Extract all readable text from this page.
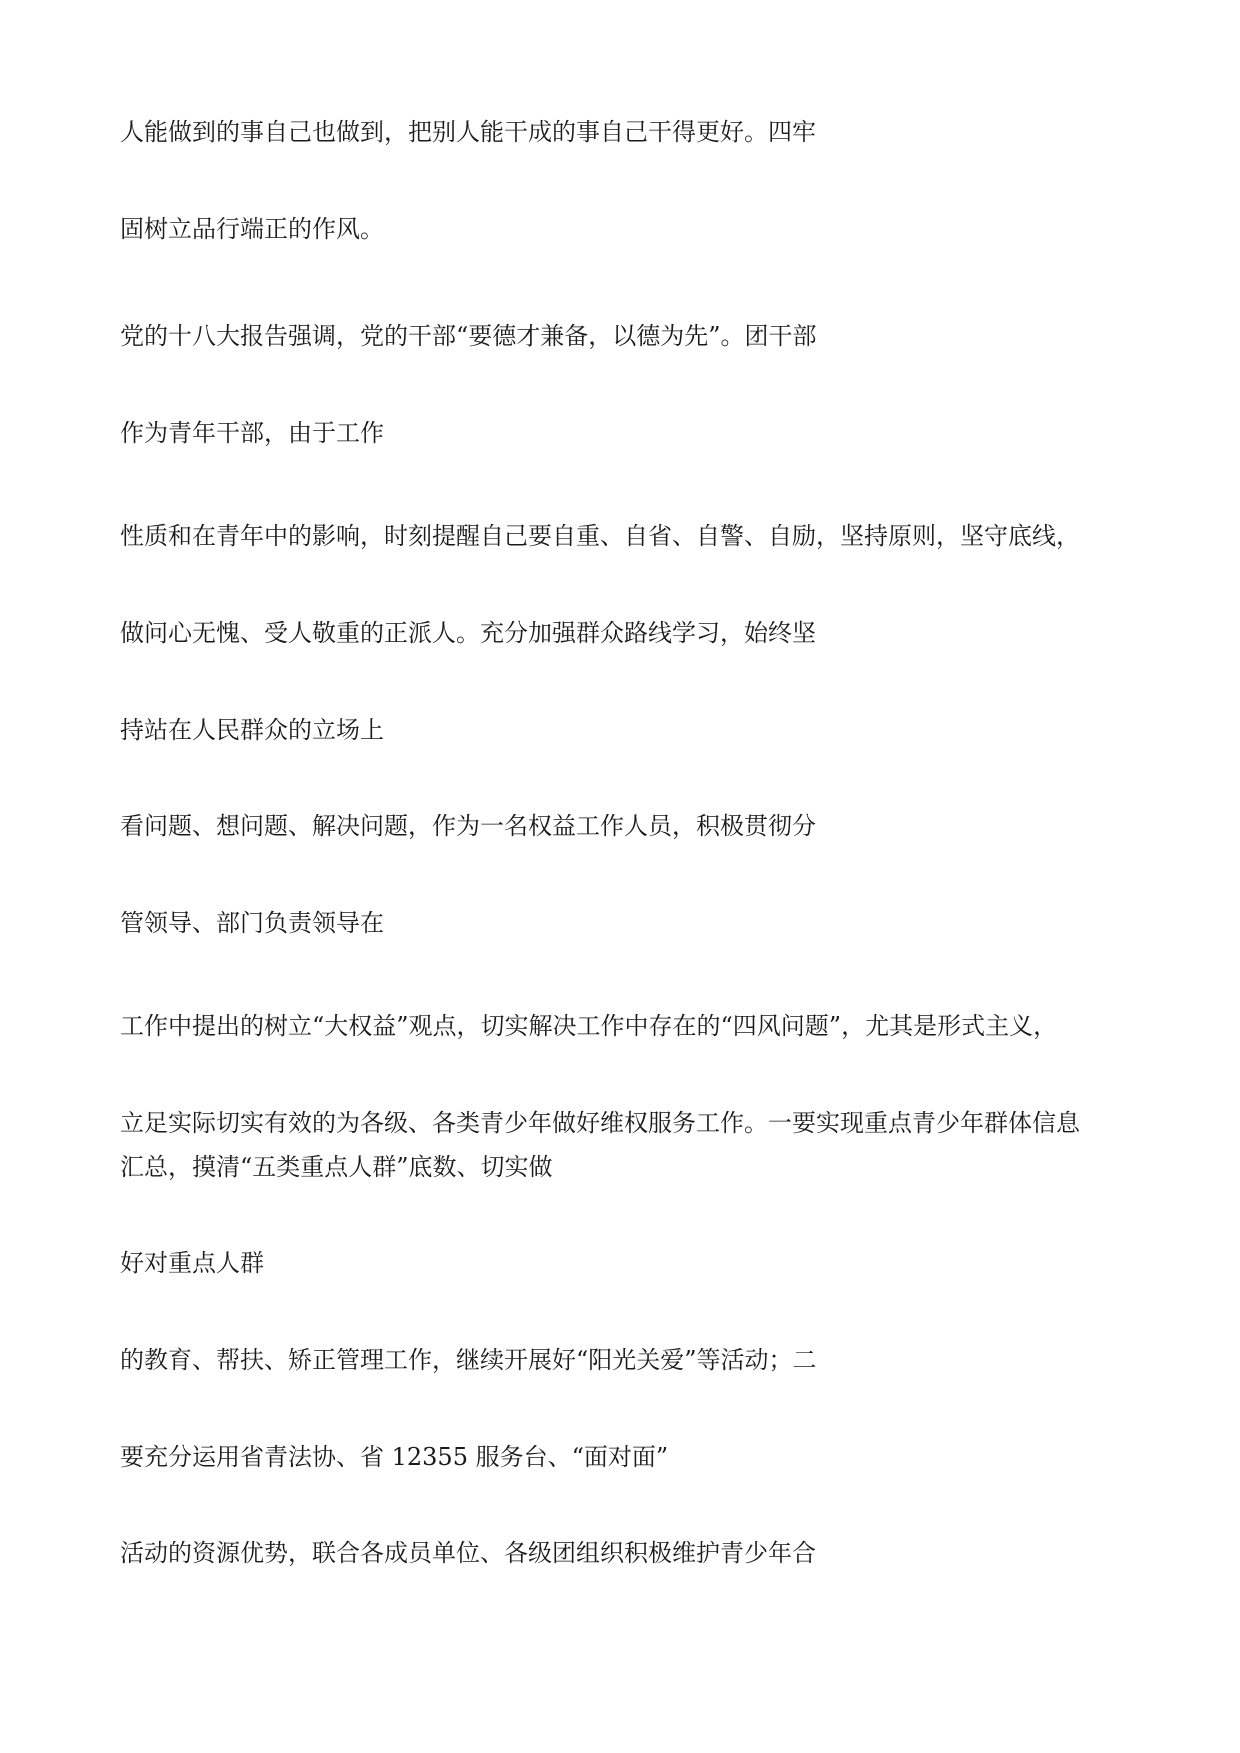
人能做到的事自己也做到，把别人能干成的事自己干得更好。四牢

固树立品行端正的作风。

党的十八大报告强调，党的干部“要德才兼备，以德为先”。团干部

作为青年干部，由于工作

性质和在青年中的影响，时刻提醒自己要自重、自省、自警、自励，坚持原则，坚守底线，

做问心无愧、受人敬重的正派人。充分加强群众路线学习，始终坚

持站在人民群众的立场上

看问题、想问题、解决问题，作为一名权益工作人员，积极贯彻分

管领导、部门负责领导在

工作中提出的树立“大权益”观点，切实解决工作中存在的“四风问题”，尤其是形式主义，

立足实际切实有效的为各级、各类青少年做好维权服务工作。一要实现重点青少年群体信息

汇总，摸清“五类重点人群”底数、切实做

好对重点人群

的教育、帮扶、矫正管理工作，继续开展好“阳光关爱”等活动；二

要充分运用省青法协、省 12355 服务台、“面对面”

活动的资源优势，联合各成员单位、各级团组织积极维护青少年合
